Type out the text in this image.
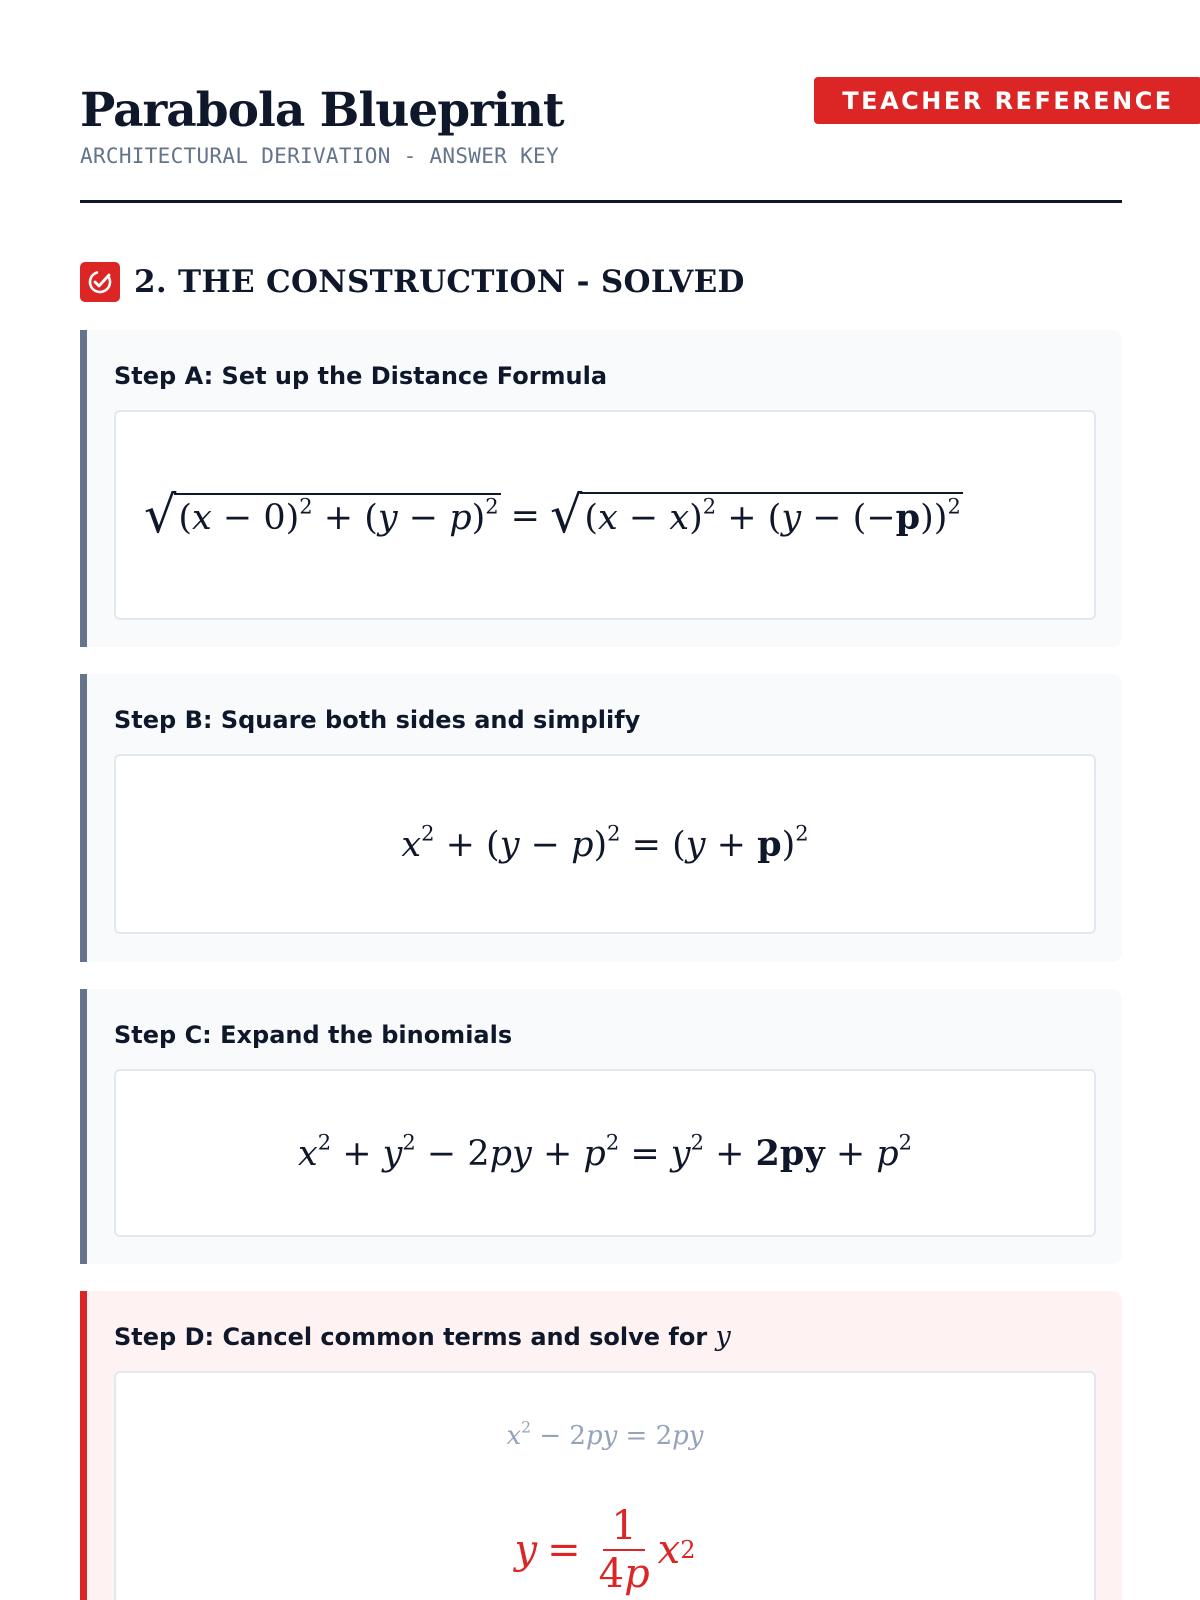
Parabola Blueprint
ARCHITECTURAL DERIVATION - ANSWER KEY
TEACHER REFERENCE
2. THE CONSTRUCTION - SOLVED
Step A: Set up the Distance Formula
√ $(x - 0)^2 + (y - p)^2$ = √ $(x - x)^2 + (y - (-p))^2$
Step B: Square both sides and simplify
$x^2 + (y - p)^2 = (y + p)^2$
Step C: Expand the binomials
$x^2 + y^2 - 2py + p^2 = y^2 + 2py + p^2$
Step D: Cancel common terms and solve for y
$x^2 - 2py = 2py$
$y = \frac{1}{4p}$ x 2
